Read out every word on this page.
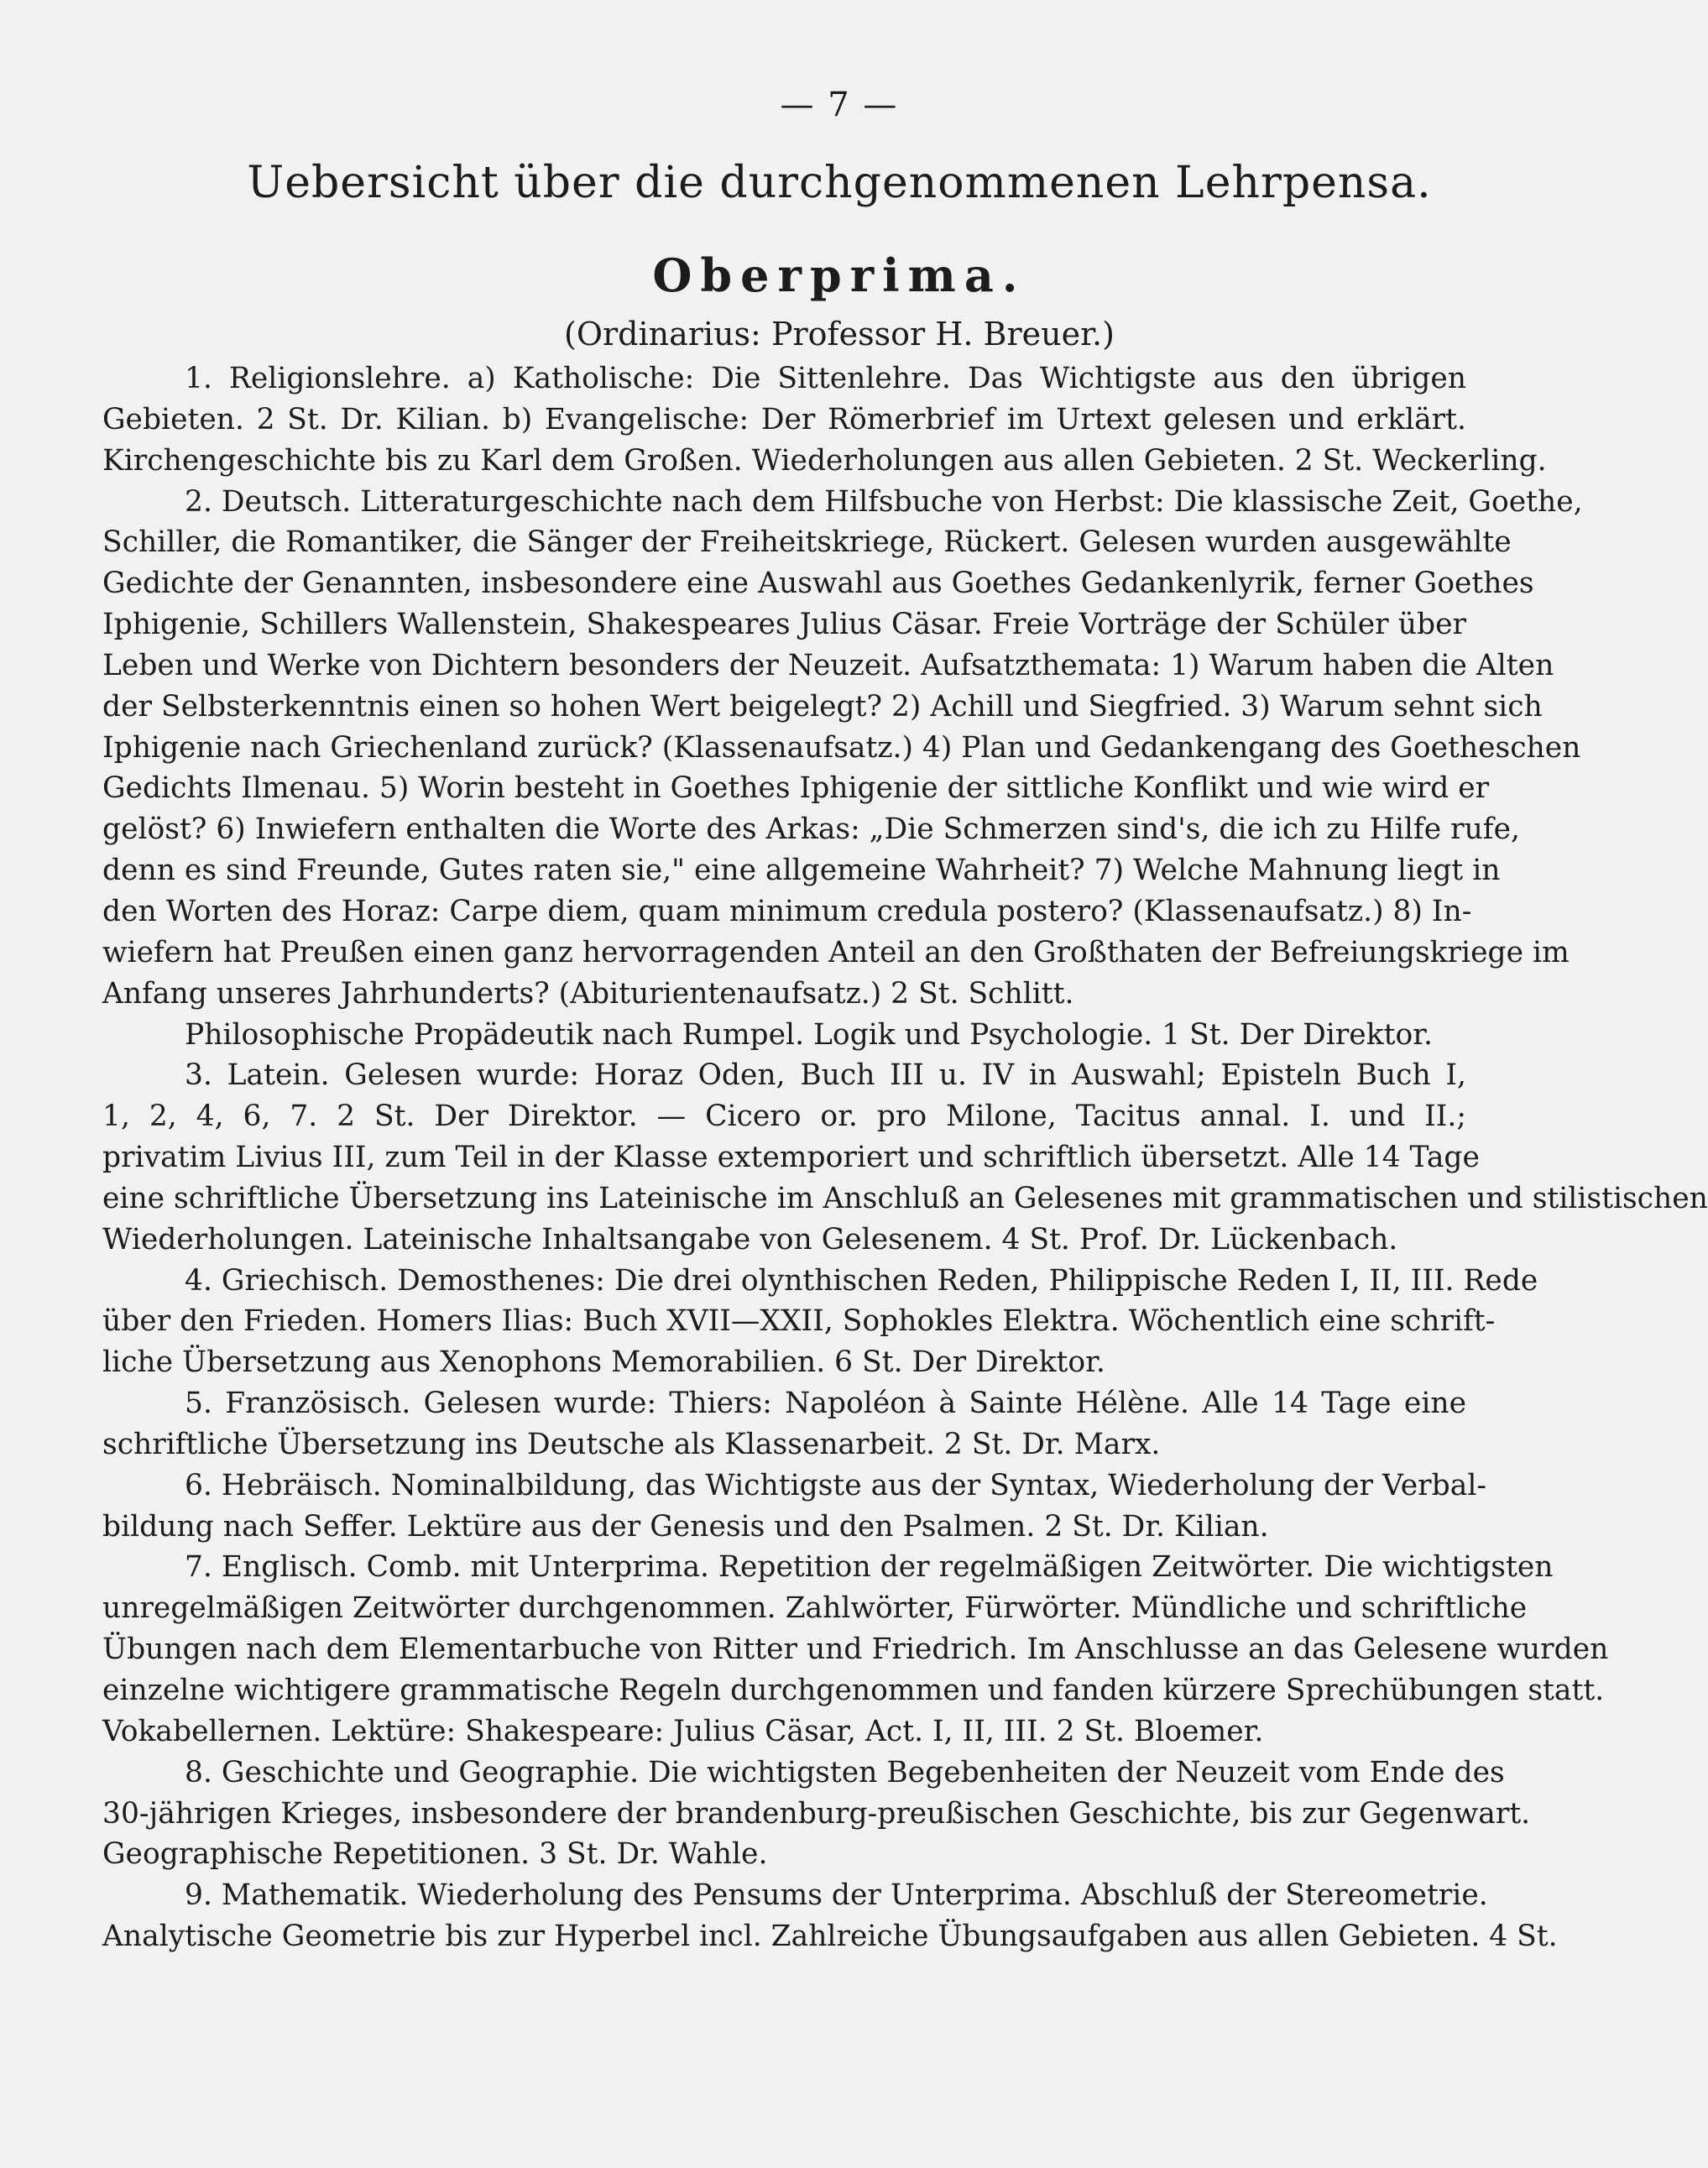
— 7 —
Uebersicht über die durchgenommenen Lehrpensa.
Oberprima.
(Ordinarius: Professor H. Breuer.)
1. Religionslehre. a) Katholische: Die Sittenlehre. Das Wichtigste aus den übrigen
Gebieten. 2 St. Dr. Kilian. b) Evangelische: Der Römerbrief im Urtext gelesen und erklärt.
Kirchengeschichte bis zu Karl dem Großen. Wiederholungen aus allen Gebieten. 2 St. Weckerling.
2. Deutsch. Litteraturgeschichte nach dem Hilfsbuche von Herbst: Die klassische Zeit, Goethe,
Schiller, die Romantiker, die Sänger der Freiheitskriege, Rückert. Gelesen wurden ausgewählte
Gedichte der Genannten, insbesondere eine Auswahl aus Goethes Gedankenlyrik, ferner Goethes
Iphigenie, Schillers Wallenstein, Shakespeares Julius Cäsar. Freie Vorträge der Schüler über
Leben und Werke von Dichtern besonders der Neuzeit. Aufsatzthemata: 1) Warum haben die Alten
der Selbsterkenntnis einen so hohen Wert beigelegt? 2) Achill und Siegfried. 3) Warum sehnt sich
Iphigenie nach Griechenland zurück? (Klassenaufsatz.) 4) Plan und Gedankengang des Goetheschen
Gedichts Ilmenau. 5) Worin besteht in Goethes Iphigenie der sittliche Konflikt und wie wird er
gelöst? 6) Inwiefern enthalten die Worte des Arkas: „Die Schmerzen sind's, die ich zu Hilfe rufe,
denn es sind Freunde, Gutes raten sie," eine allgemeine Wahrheit? 7) Welche Mahnung liegt in
den Worten des Horaz: Carpe diem, quam minimum credula postero? (Klassenaufsatz.) 8) In-
wiefern hat Preußen einen ganz hervorragenden Anteil an den Großthaten der Befreiungskriege im
Anfang unseres Jahrhunderts? (Abiturientenaufsatz.) 2 St. Schlitt.
Philosophische Propädeutik nach Rumpel. Logik und Psychologie. 1 St. Der Direktor.
3. Latein. Gelesen wurde: Horaz Oden, Buch III u. IV in Auswahl; Episteln Buch I,
1, 2, 4, 6, 7. 2 St. Der Direktor. — Cicero or. pro Milone, Tacitus annal. I. und II.;
privatim Livius III, zum Teil in der Klasse extemporiert und schriftlich übersetzt. Alle 14 Tage
eine schriftliche Übersetzung ins Lateinische im Anschluß an Gelesenes mit grammatischen und stilistischen
Wiederholungen. Lateinische Inhaltsangabe von Gelesenem. 4 St. Prof. Dr. Lückenbach.
4. Griechisch. Demosthenes: Die drei olynthischen Reden, Philippische Reden I, II, III. Rede
über den Frieden. Homers Ilias: Buch XVII—XXII, Sophokles Elektra. Wöchentlich eine schrift-
liche Übersetzung aus Xenophons Memorabilien. 6 St. Der Direktor.
5. Französisch. Gelesen wurde: Thiers: Napoléon à Sainte Hélène. Alle 14 Tage eine
schriftliche Übersetzung ins Deutsche als Klassenarbeit. 2 St. Dr. Marx.
6. Hebräisch. Nominalbildung, das Wichtigste aus der Syntax, Wiederholung der Verbal-
bildung nach Seffer. Lektüre aus der Genesis und den Psalmen. 2 St. Dr. Kilian.
7. Englisch. Comb. mit Unterprima. Repetition der regelmäßigen Zeitwörter. Die wichtigsten
unregelmäßigen Zeitwörter durchgenommen. Zahlwörter, Fürwörter. Mündliche und schriftliche
Übungen nach dem Elementarbuche von Ritter und Friedrich. Im Anschlusse an das Gelesene wurden
einzelne wichtigere grammatische Regeln durchgenommen und fanden kürzere Sprechübungen statt.
Vokabellernen. Lektüre: Shakespeare: Julius Cäsar, Act. I, II, III. 2 St. Bloemer.
8. Geschichte und Geographie. Die wichtigsten Begebenheiten der Neuzeit vom Ende des
30-jährigen Krieges, insbesondere der brandenburg-preußischen Geschichte, bis zur Gegenwart.
Geographische Repetitionen. 3 St. Dr. Wahle.
9. Mathematik. Wiederholung des Pensums der Unterprima. Abschluß der Stereometrie.
Analytische Geometrie bis zur Hyperbel incl. Zahlreiche Übungsaufgaben aus allen Gebieten. 4 St.
